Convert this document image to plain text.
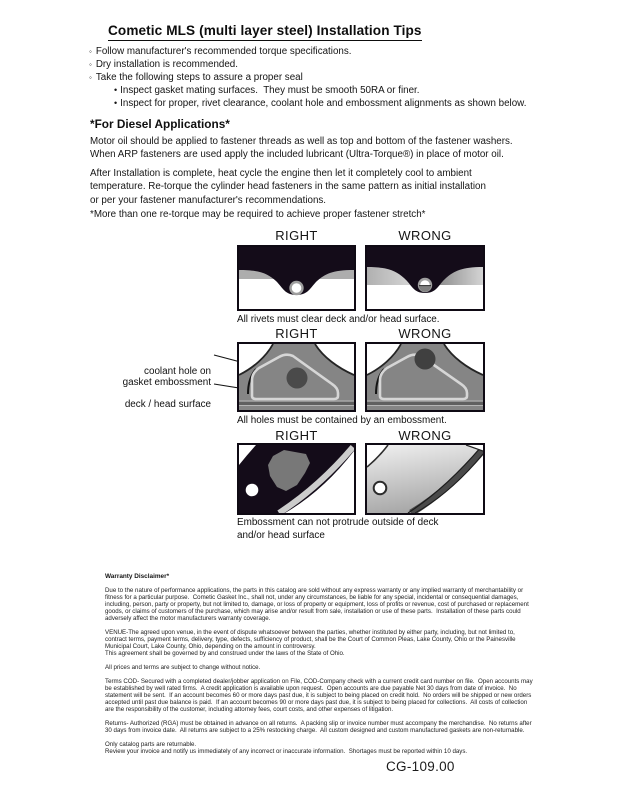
Cometic MLS (multi layer steel) Installation Tips
◦ Follow manufacturer's recommended torque specifications.
◦ Dry installation is recommended.
◦ Take the following steps to assure a proper seal
• Inspect gasket mating surfaces.  They must be smooth 50RA or finer.
• Inspect for proper, rivet clearance, coolant hole and embossment alignments as shown below.
*For Diesel Applications*
Motor oil should be applied to fastener threads as well as top and bottom of the fastener washers.
When ARP fasteners are used apply the included lubricant (Ultra-Torque®) in place of motor oil.
After Installation is complete, heat cycle the engine then let it completely cool to ambient
temperature. Re-torque the cylinder head fasteners in the same pattern as initial installation
or per your fastener manufacturer's recommendations.
*More than one re-torque may be required to achieve proper fastener stretch*
RIGHT	WRONG
All rivets must clear deck and/or head surface.
RIGHT	WRONG

coolant hole on

deck / head surface

gasket embossment
All holes must be contained by an embossment.
RIGHT	WRONG
Embossment can not protrude outside of deck
and/or head surface
Warranty Disclaimer*
Due to the nature of performance applications, the parts in this catalog are sold without any express warranty or any implied warranty of merchantability or
fitness for a particular purpose.  Cometic Gasket Inc., shall not, under any circumstances, be liable for any special, incidental or consequential damages,
including, person, party or property, but not limited to, damage, or loss of property or equipment, loss of profits or revenue, cost of purchased or replacement
goods, or claims of customers of the purchase, which may arise and/or result from sale, installation or use of these parts.  Installation of these parts could
adversely affect the motor manufacturers warranty coverage.
VENUE-The agreed upon venue, in the event of dispute whatsoever between the parties, whether instituted by either party, including, but not limited to,
contract terms, payment terms, delivery, type, defects, sufficiency of product, shall be the Court of Common Pleas, Lake County, Ohio or the Painesville
Municipal Court, Lake County, Ohio, depending on the amount in controversy.
This agreement shall be governed by and construed under the laws of the State of Ohio.
All prices and terms are subject to change without notice.
Terms COD- Secured with a completed dealer/jobber application on File, COD-Company check with a current credit card number on file.  Open accounts may
be established by well rated firms.  A credit application is available upon request.  Open accounts are due payable Net 30 days from date of invoice.  No
statement will be sent.  If an account becomes 60 or more days past due, it is subject to being placed on credit hold.  No orders will be shipped or new orders
accepted until past due balance is paid.  If an account becomes 90 or more days past due, it is subject to being placed for collections.  All costs of collection
are the responsibility of the customer, including attorney fees, court costs, and other expenses of litigation.
Returns- Authorized (RGA) must be obtained in advance on all returns.  A packing slip or invoice number must accompany the merchandise.  No returns after
30 days from invoice date.  All returns are subject to a 25% restocking charge.  All custom designed and custom manufactured gaskets are non-returnable.
Only catalog parts are returnable.
Review your invoice and notify us immediately of any incorrect or inaccurate information.  Shortages must be reported within 10 days.
CG-109.00
